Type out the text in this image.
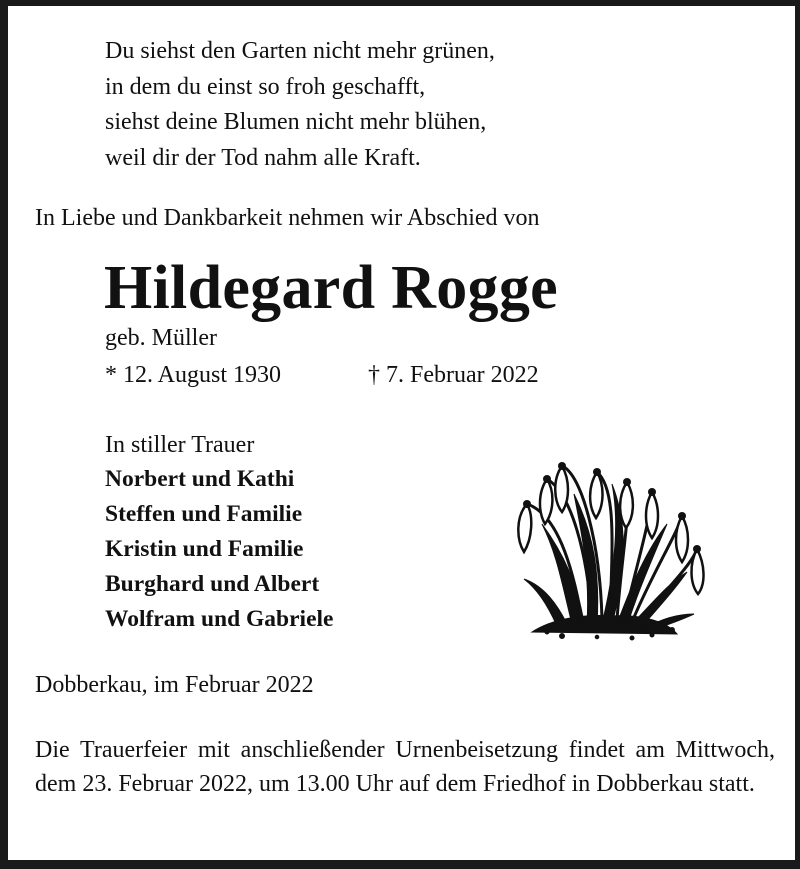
Du siehst den Garten nicht mehr grünen,
in dem du einst so froh geschafft,
siehst deine Blumen nicht mehr blühen,
weil dir der Tod nahm alle Kraft.
In Liebe und Dankbarkeit nehmen wir Abschied von
Hildegard Rogge
geb. Müller
* 12. August 1930	† 7. Februar 2022
In stiller Trauer
Norbert und Kathi
Steffen und Familie
Kristin und Familie
Burghard und Albert
Wolfram und Gabriele
Dobberkau, im Februar 2022
Die Trauerfeier mit anschließender Urnenbeisetzung findet am Mittwoch, dem 23. Februar 2022, um 13.00 Uhr auf dem Friedhof in Dobberkau statt.
